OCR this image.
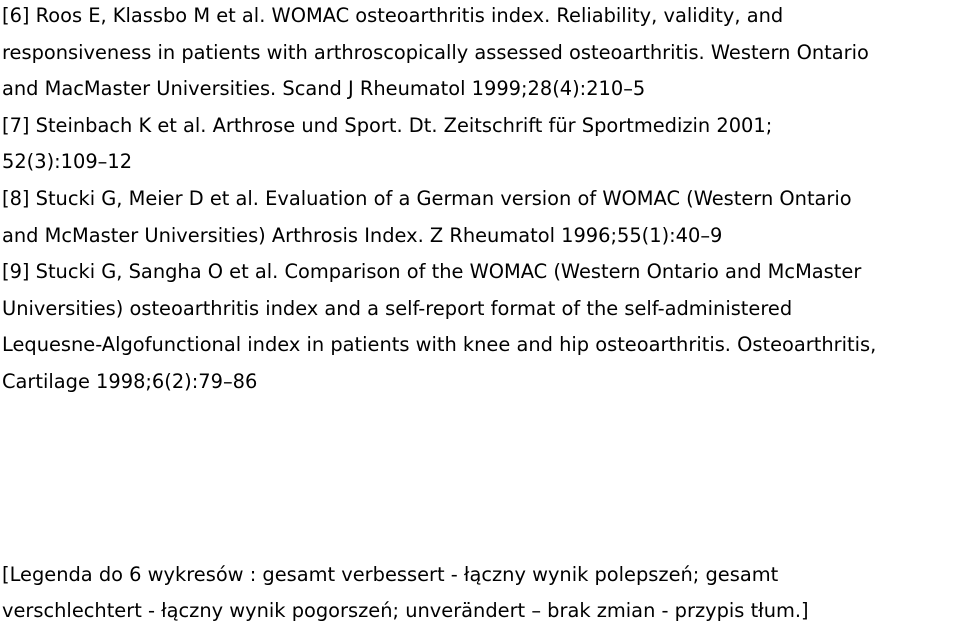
[6] Roos E, Klassbo M et al. WOMAC osteoarthritis index. Reliability, validity, and

responsiveness in patients with arthroscopically assessed osteoarthritis. Western Ontario

and MacMaster Universities. Scand J Rheumatol 1999;28(4):210–5

[7] Steinbach K et al. Arthrose und Sport. Dt. Zeitschrift für Sportmedizin 2001;

52(3):109–12

[8] Stucki G, Meier D et al. Evaluation of a German version of WOMAC (Western Ontario

and McMaster Universities) Arthrosis Index. Z Rheumatol 1996;55(1):40–9

[9] Stucki G, Sangha O et al. Comparison of the WOMAC (Western Ontario and McMaster

Universities) osteoarthritis index and a self-report format of the self-administered

Lequesne-Algofunctional index in patients with knee and hip osteoarthritis. Osteoarthritis,

Cartilage 1998;6(2):79–86

[Legenda do 6 wykresów : gesamt verbessert - łączny wynik polepszeń; gesamt

verschlechtert - łączny wynik pogorszeń; unverändert – brak zmian - przypis tłum.]
